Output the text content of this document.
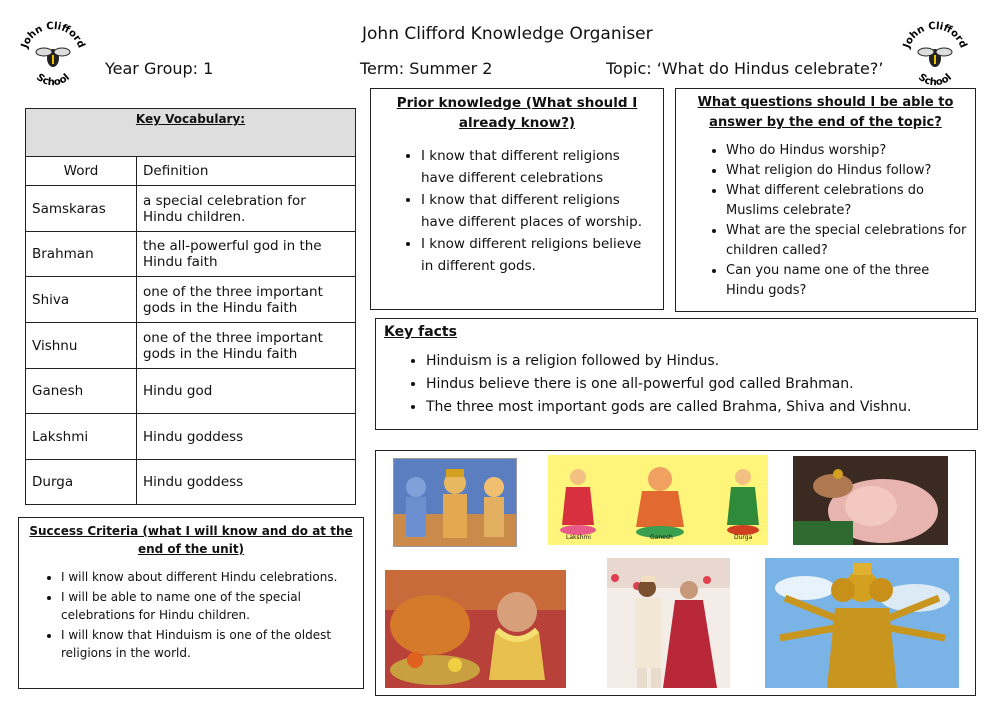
John Clifford
School
John Clifford
School
John Clifford Knowledge Organiser
Year Group: 1	Term: Summer 2	Topic: ‘What do Hindus celebrate?’
Key Vocabulary:	
Word	Definition
Samskaras	a special celebration for Hindu children.
Brahman	the all-powerful god in the Hindu faith
Shiva	one of the three important gods in the Hindu faith
Vishnu	one of the three important gods in the Hindu faith
Ganesh	Hindu god
Lakshmi	Hindu goddess
Durga	Hindu goddess
Success Criteria (what I will know and do at the end of the unit)
• I will know about different Hindu celebrations.
• I will be able to name one of the special celebrations for Hindu children.
• I will know that Hinduism is one of the oldest religions in the world.
Prior knowledge (What should I already know?)
• I know that different religions have different celebrations
• I know that different religions have different places of worship.
• I know different religions believe in different gods.
What questions should I be able to answer by the end of the topic?
• Who do Hindus worship?
• What religion do Hindus follow?
• What different celebrations do Muslims celebrate?
• What are the special celebrations for children called?
• Can you name one of the three Hindu gods?
Key facts
• Hinduism is a religion followed by Hindus.
• Hindus believe there is one all-powerful god called Brahman.
• The three most important gods are called Brahma, Shiva and Vishnu.
Lakshmi	Ganesh	Durga
